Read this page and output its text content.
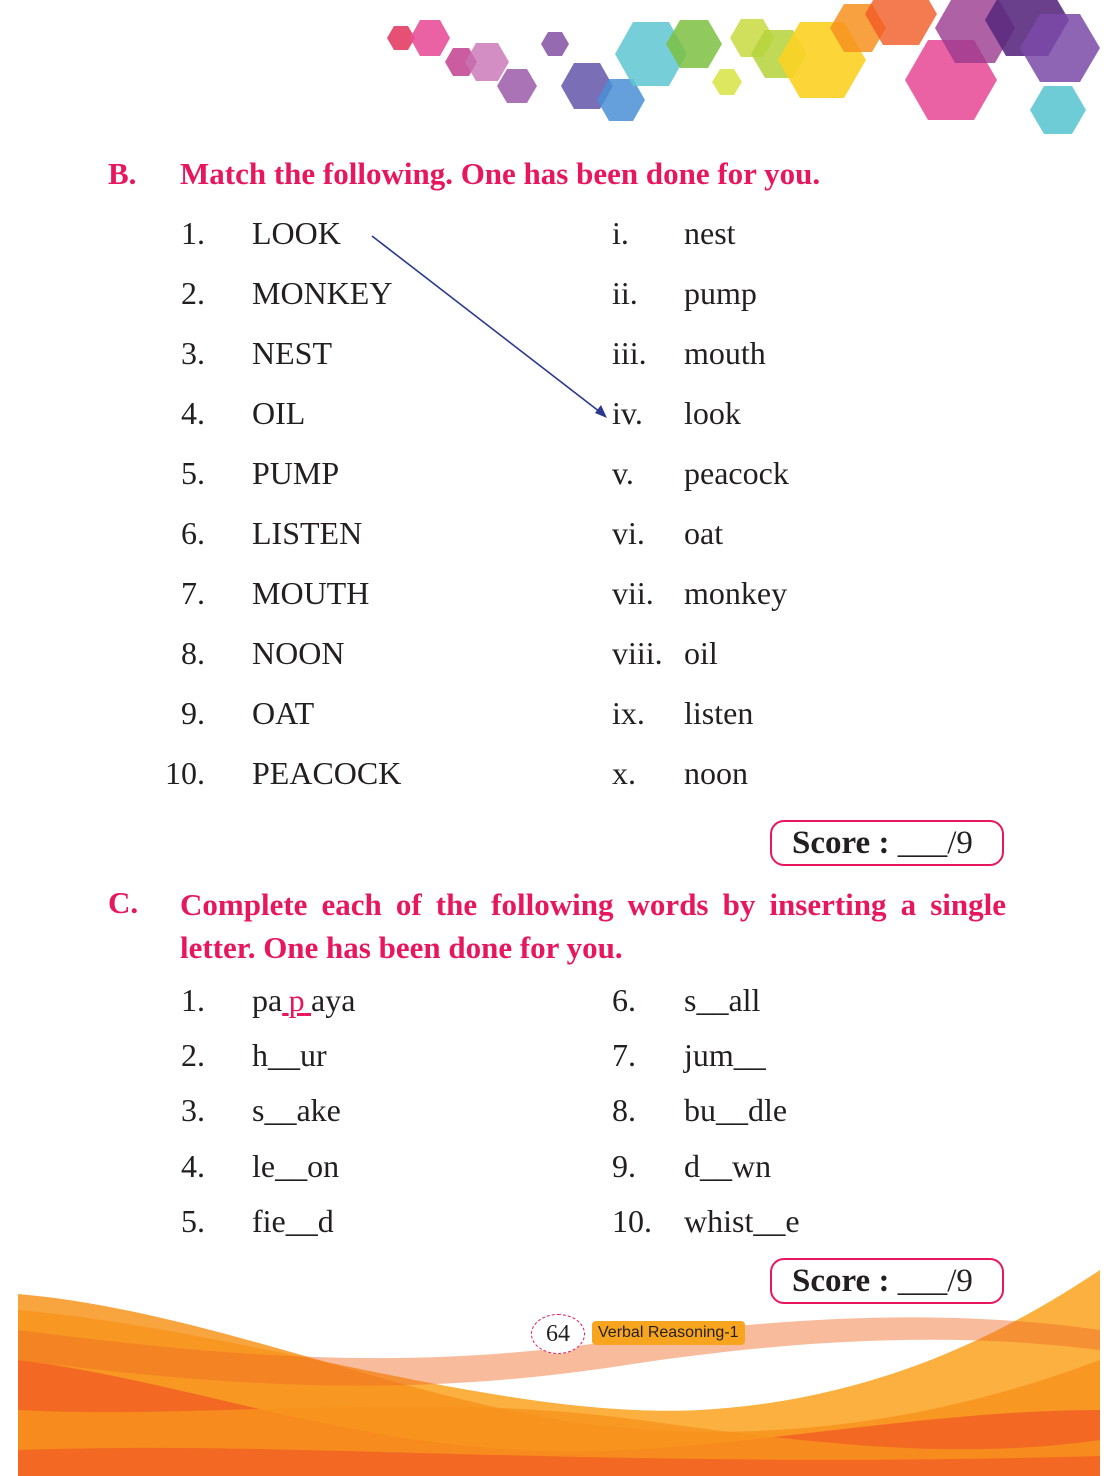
B. Match the following. One has been done for you.
1. LOOK
2. MONKEY
3. NEST
4. OIL
5. PUMP
6. LISTEN
7. MOUTH
8. NOON
9. OAT
10. PEACOCK
i. nest
ii. pump
iii. mouth
iv. look
v. peacock
vi. oat
vii. monkey
viii. oil
ix. listen
x. noon
Score : ___/9
C. Complete each of the following words by inserting a single letter. One has been done for you.
1. pa  p  aya
2. h__ur
3. s__ake
4. le__on
5. fie__d
6. s__all
7. jum__
8. bu__dle
9. d__wn
10. whist__e
Score : ___/9
64	Verbal Reasoning-1
